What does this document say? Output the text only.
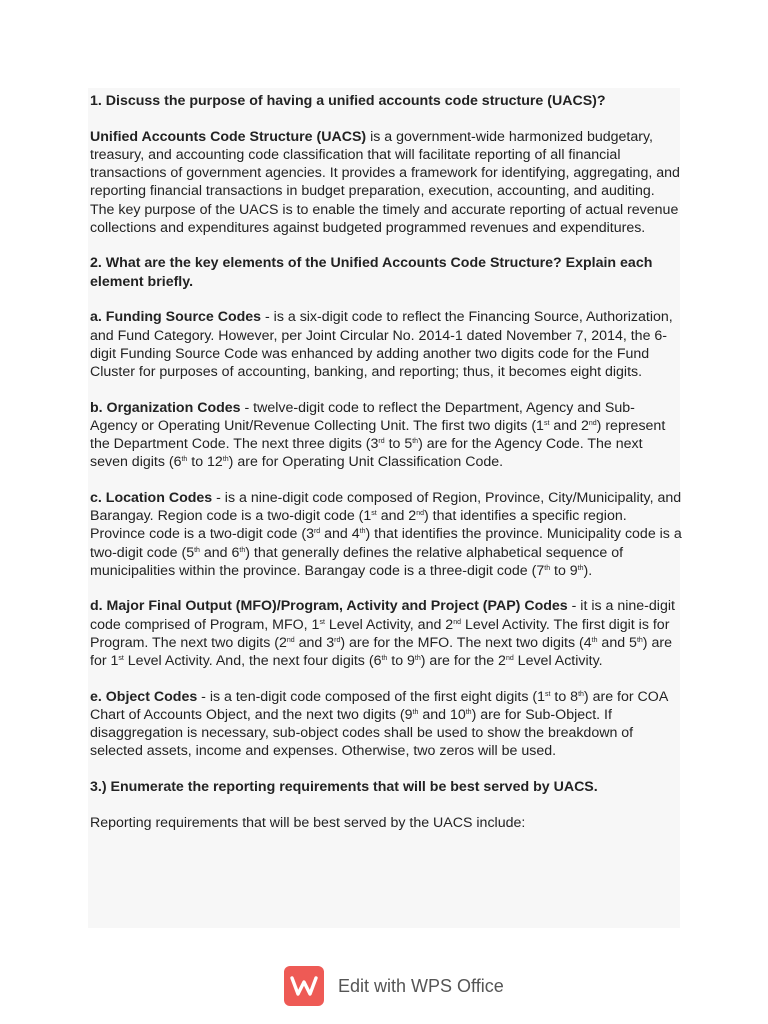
1. Discuss the purpose of having a unified accounts code structure (UACS)?

Unified Accounts Code Structure (UACS) is a government-wide harmonized budgetary, treasury, and accounting code classification that will facilitate reporting of all financial transactions of government agencies. It provides a framework for identifying, aggregating, and reporting financial transactions in budget preparation, execution, accounting, and auditing. The key purpose of the UACS is to enable the timely and accurate reporting of actual revenue collections and expenditures against budgeted programmed revenues and expenditures.

2. What are the key elements of the Unified Accounts Code Structure? Explain each element briefly.

a. Funding Source Codes - is a six-digit code to reflect the Financing Source, Authorization, and Fund Category. However, per Joint Circular No. 2014-1 dated November 7, 2014, the 6-digit Funding Source Code was enhanced by adding another two digits code for the Fund Cluster for purposes of accounting, banking, and reporting; thus, it becomes eight digits.

b. Organization Codes - twelve-digit code to reflect the Department, Agency and Sub-Agency or Operating Unit/Revenue Collecting Unit. The first two digits (1st and 2nd) represent the Department Code. The next three digits (3rd to 5th) are for the Agency Code. The next seven digits (6th to 12th) are for Operating Unit Classification Code.

c. Location Codes - is a nine-digit code composed of Region, Province, City/Municipality, and Barangay. Region code is a two-digit code (1st and 2nd) that identifies a specific region. Province code is a two-digit code (3rd and 4th) that identifies the province. Municipality code is a two-digit code (5th and 6th) that generally defines the relative alphabetical sequence of municipalities within the province. Barangay code is a three-digit code (7th to 9th).

d. Major Final Output (MFO)/Program, Activity and Project (PAP) Codes - it is a nine-digit code comprised of Program, MFO, 1st Level Activity, and 2nd Level Activity. The first digit is for Program. The next two digits (2nd and 3rd) are for the MFO. The next two digits (4th and 5th) are for 1st Level Activity. And, the next four digits (6th to 9th) are for the 2nd Level Activity.

e. Object Codes - is a ten-digit code composed of the first eight digits (1st to 8th) are for COA Chart of Accounts Object, and the next two digits (9th and 10th) are for Sub-Object. If disaggregation is necessary, sub-object codes shall be used to show the breakdown of selected assets, income and expenses. Otherwise, two zeros will be used.

3.) Enumerate the reporting requirements that will be best served by UACS.

Reporting requirements that will be best served by the UACS include:

Edit with WPS Office
